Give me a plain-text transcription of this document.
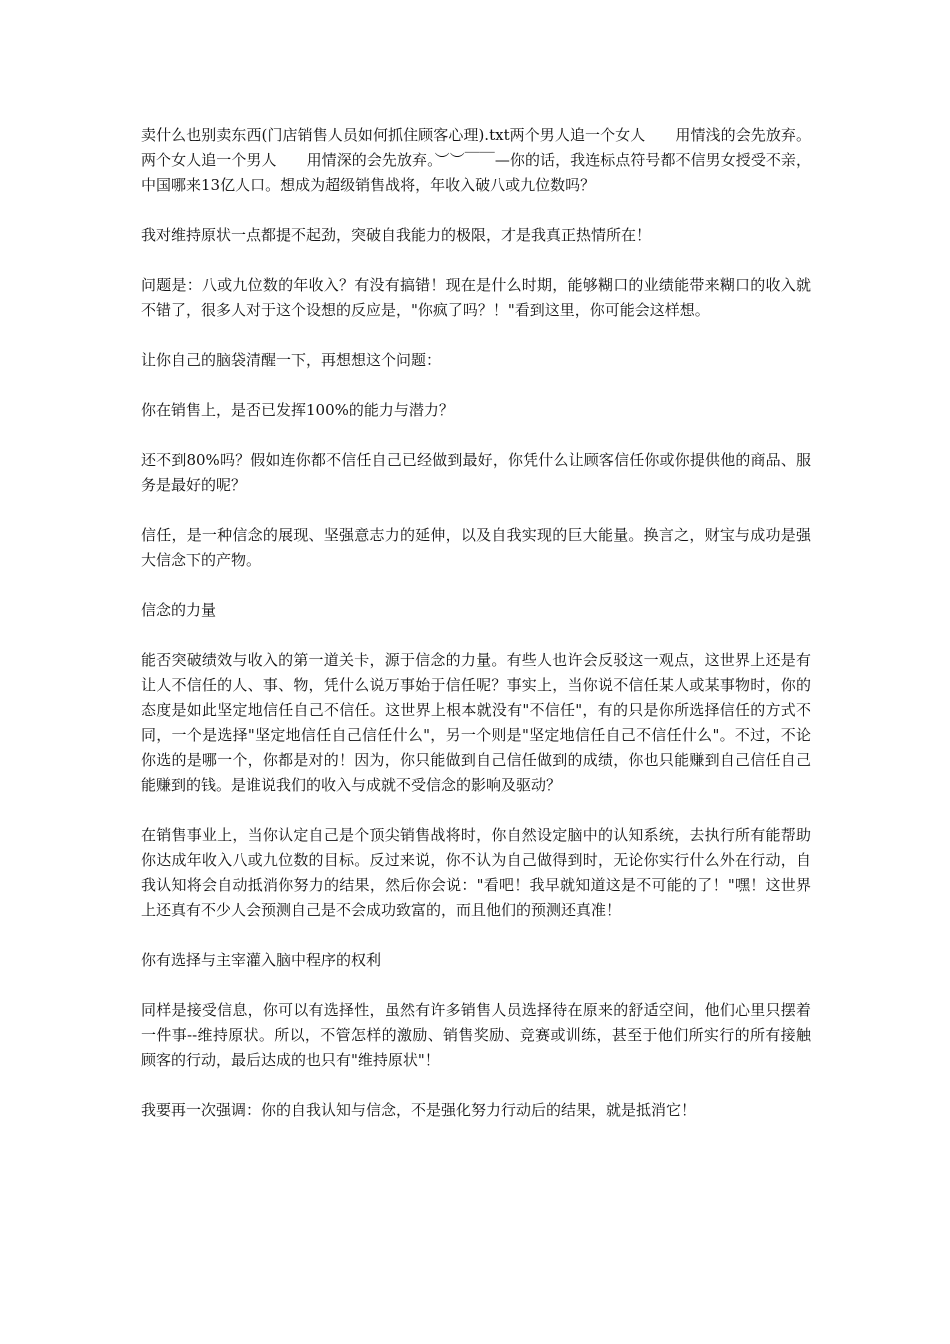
卖什么也别卖东西(门店销售人员如何抓住顾客心理).txt两个男人追一个女人　　用情浅的会先放弃。两个女人追一个男人　　用情深的会先放弃。︶︶￣￣—你的话，我连标点符号都不信男女授受不亲，中国哪来13亿人口。想成为超级销售战将，年收入破八或九位数吗？

我对维持原状一点都提不起劲，突破自我能力的极限，才是我真正热情所在！

问题是：八或九位数的年收入？有没有搞错！现在是什么时期，能够糊口的业绩能带来糊口的收入就不错了，很多人对于这个设想的反应是，"你疯了吗？！"看到这里，你可能会这样想。

让你自己的脑袋清醒一下，再想想这个问题：

你在销售上，是否已发挥100%的能力与潜力？

还不到80%吗？假如连你都不信任自己已经做到最好，你凭什么让顾客信任你或你提供他的商品、服务是最好的呢？

信任，是一种信念的展现、坚强意志力的延伸，以及自我实现的巨大能量。换言之，财宝与成功是强大信念下的产物。

信念的力量

能否突破绩效与收入的第一道关卡，源于信念的力量。有些人也许会反驳这一观点，这世界上还是有让人不信任的人、事、物，凭什么说万事始于信任呢？事实上，当你说不信任某人或某事物时，你的态度是如此坚定地信任自己不信任。这世界上根本就没有"不信任"，有的只是你所选择信任的方式不同，一个是选择"坚定地信任自己信任什么"，另一个则是"坚定地信任自己不信任什么"。不过，不论你选的是哪一个，你都是对的！因为，你只能做到自己信任做到的成绩，你也只能赚到自己信任自己能赚到的钱。是谁说我们的收入与成就不受信念的影响及驱动？

在销售事业上，当你认定自己是个顶尖销售战将时，你自然设定脑中的认知系统，去执行所有能帮助你达成年收入八或九位数的目标。反过来说，你不认为自己做得到时，无论你实行什么外在行动，自我认知将会自动抵消你努力的结果，然后你会说："看吧！我早就知道这是不可能的了！"嘿！这世界上还真有不少人会预测自己是不会成功致富的，而且他们的预测还真准！

你有选择与主宰灌入脑中程序的权利

同样是接受信息，你可以有选择性，虽然有许多销售人员选择待在原来的舒适空间，他们心里只摆着一件事--维持原状。所以，不管怎样的激励、销售奖励、竞赛或训练，甚至于他们所实行的所有接触顾客的行动，最后达成的也只有"维持原状"！

我要再一次强调：你的自我认知与信念，不是强化努力行动后的结果，就是抵消它！
